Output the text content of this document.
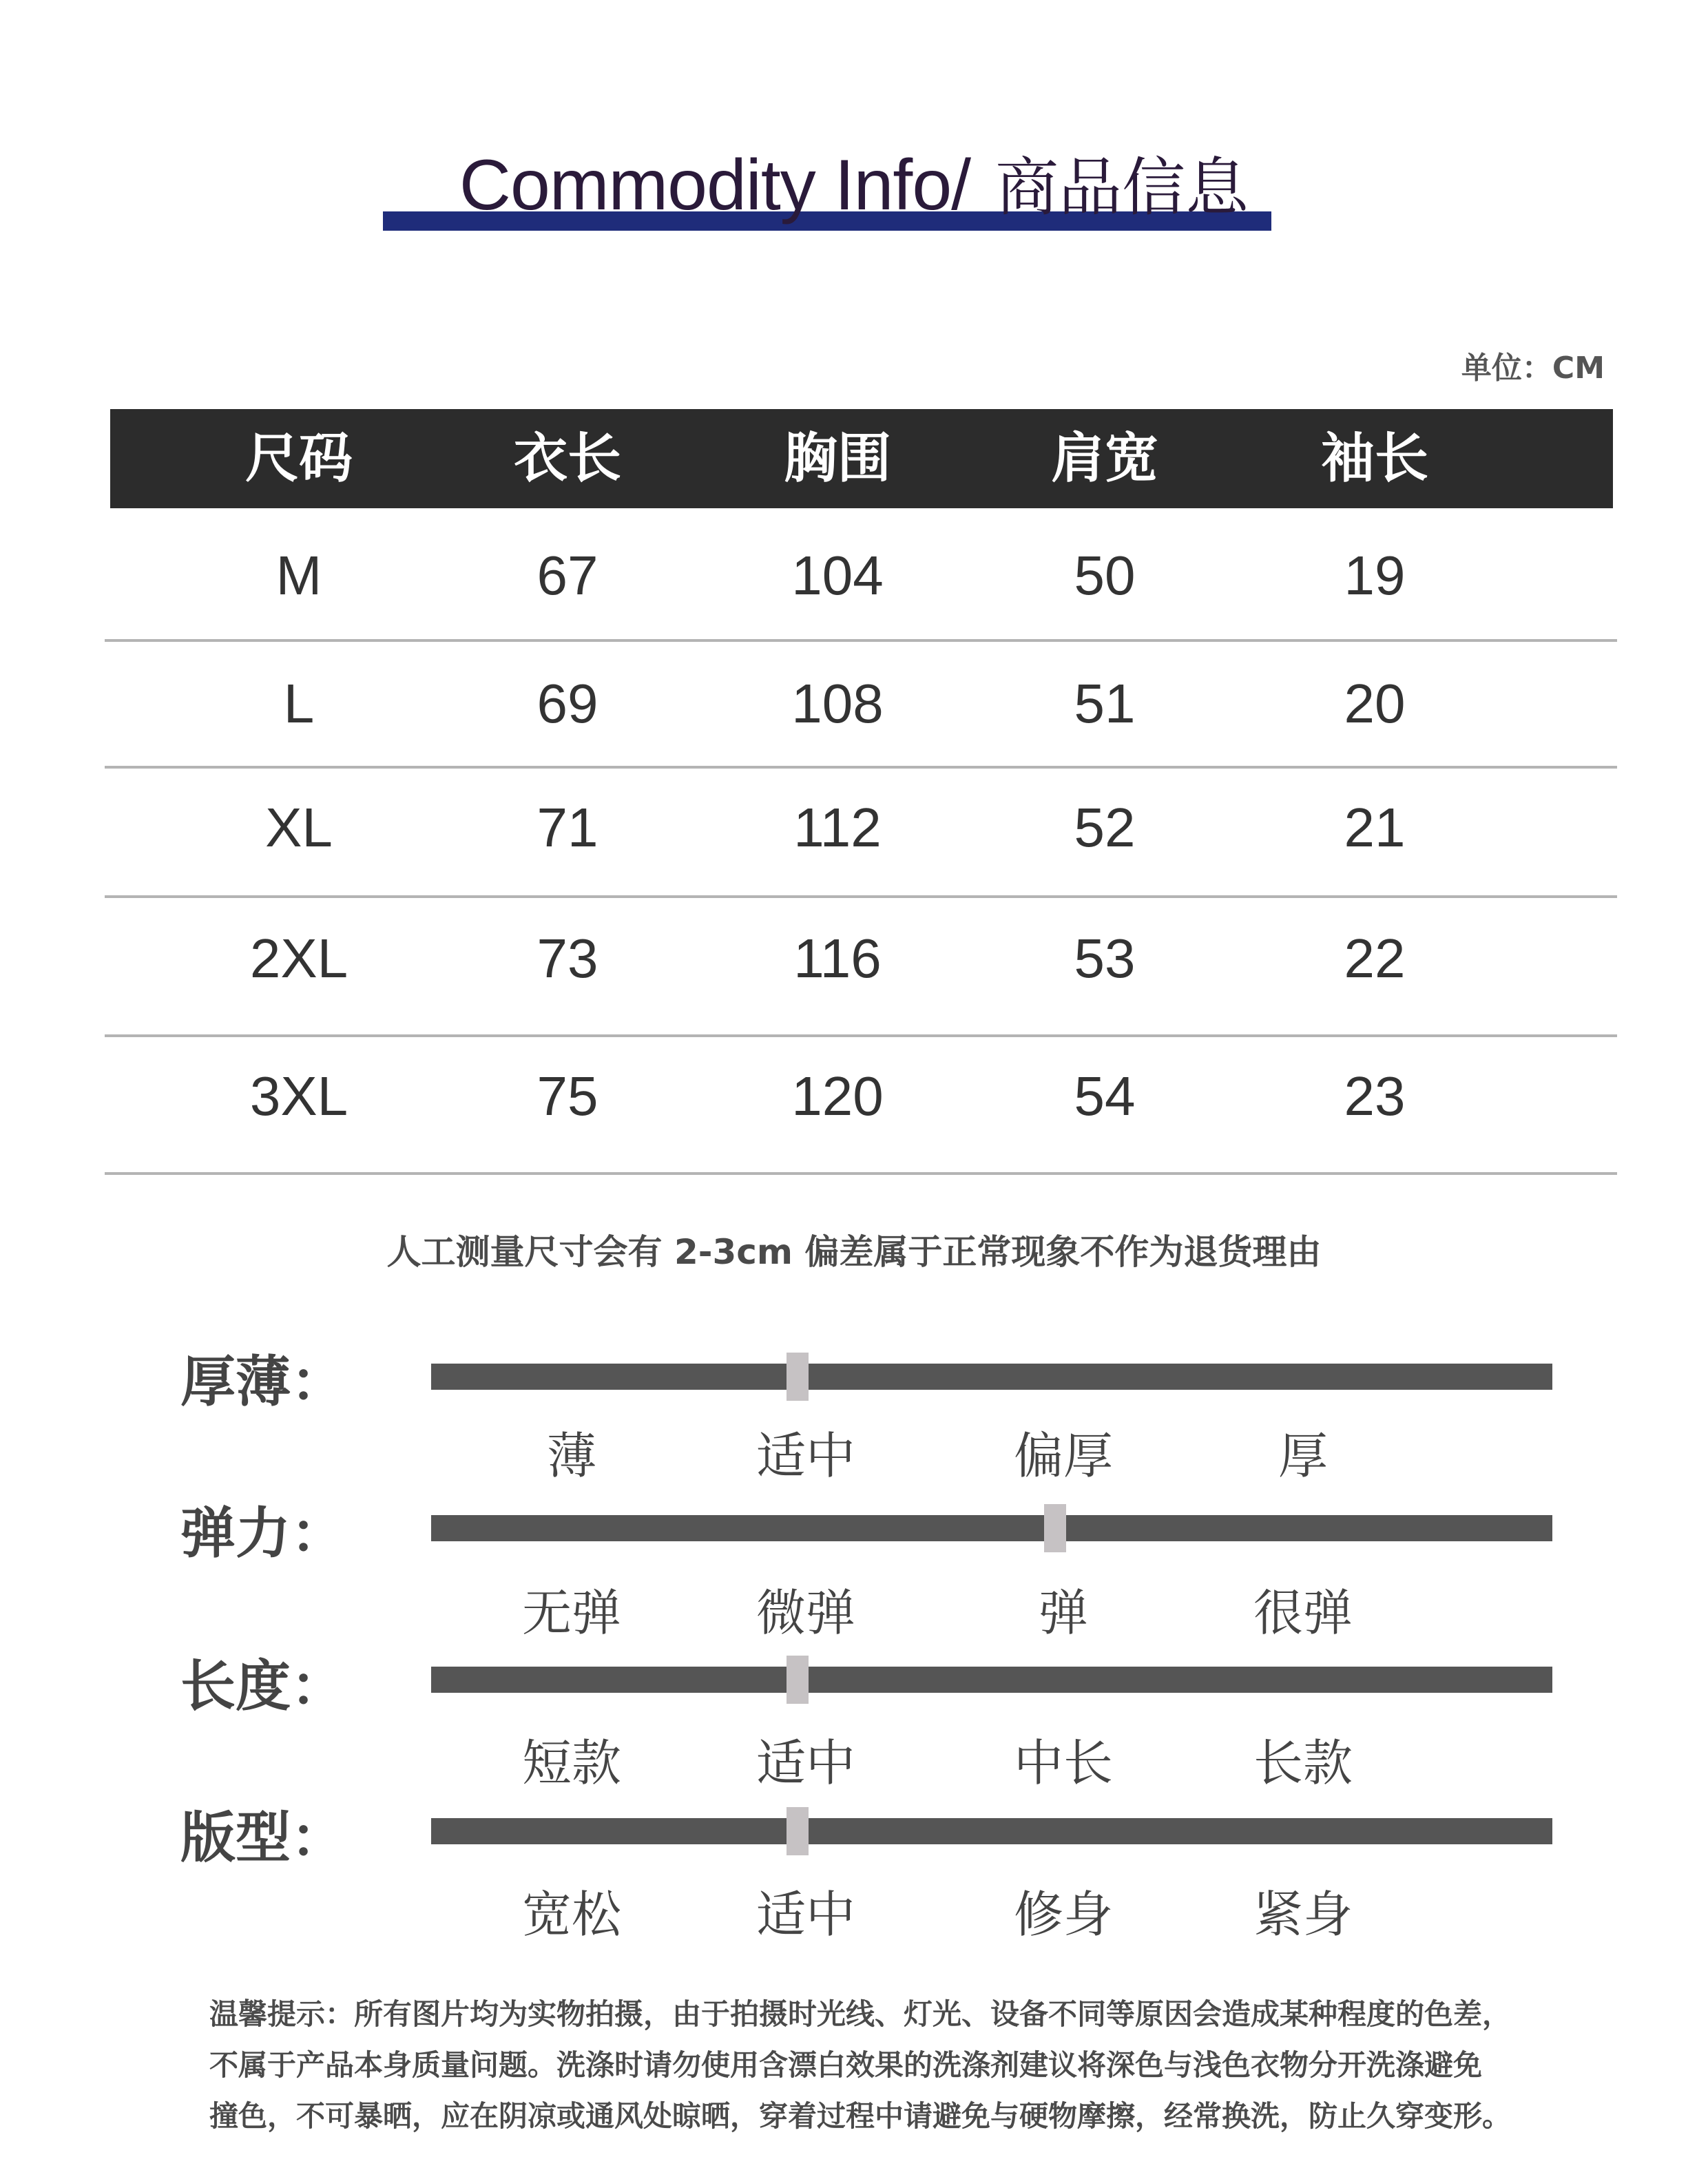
Commodity Info/ 商品信息
单位：CM
尺码	衣长	胸围	肩宽	袖长
M	67	104	50	19
L	69	108	51	20
XL	71	112	52	21
2XL	73	116	53	22
3XL	75	120	54	23
人工测量尺寸会有 2-3cm 偏差属于正常现象不作为退货理由
厚薄：
薄	适中	偏厚	厚
弹力：
无弹	微弹	弹	很弹
长度：
短款	适中	中长	长款
版型：
宽松	适中	修身	紧身
温馨提示：所有图片均为实物拍摄，由于拍摄时光线、灯光、设备不同等原因会造成某种程度的色差，
不属于产品本身质量问题。洗涤时请勿使用含漂白效果的洗涤剂建议将深色与浅色衣物分开洗涤避免
撞色，不可暴晒，应在阴凉或通风处晾晒，穿着过程中请避免与硬物摩擦，经常换洗，防止久穿变形。
